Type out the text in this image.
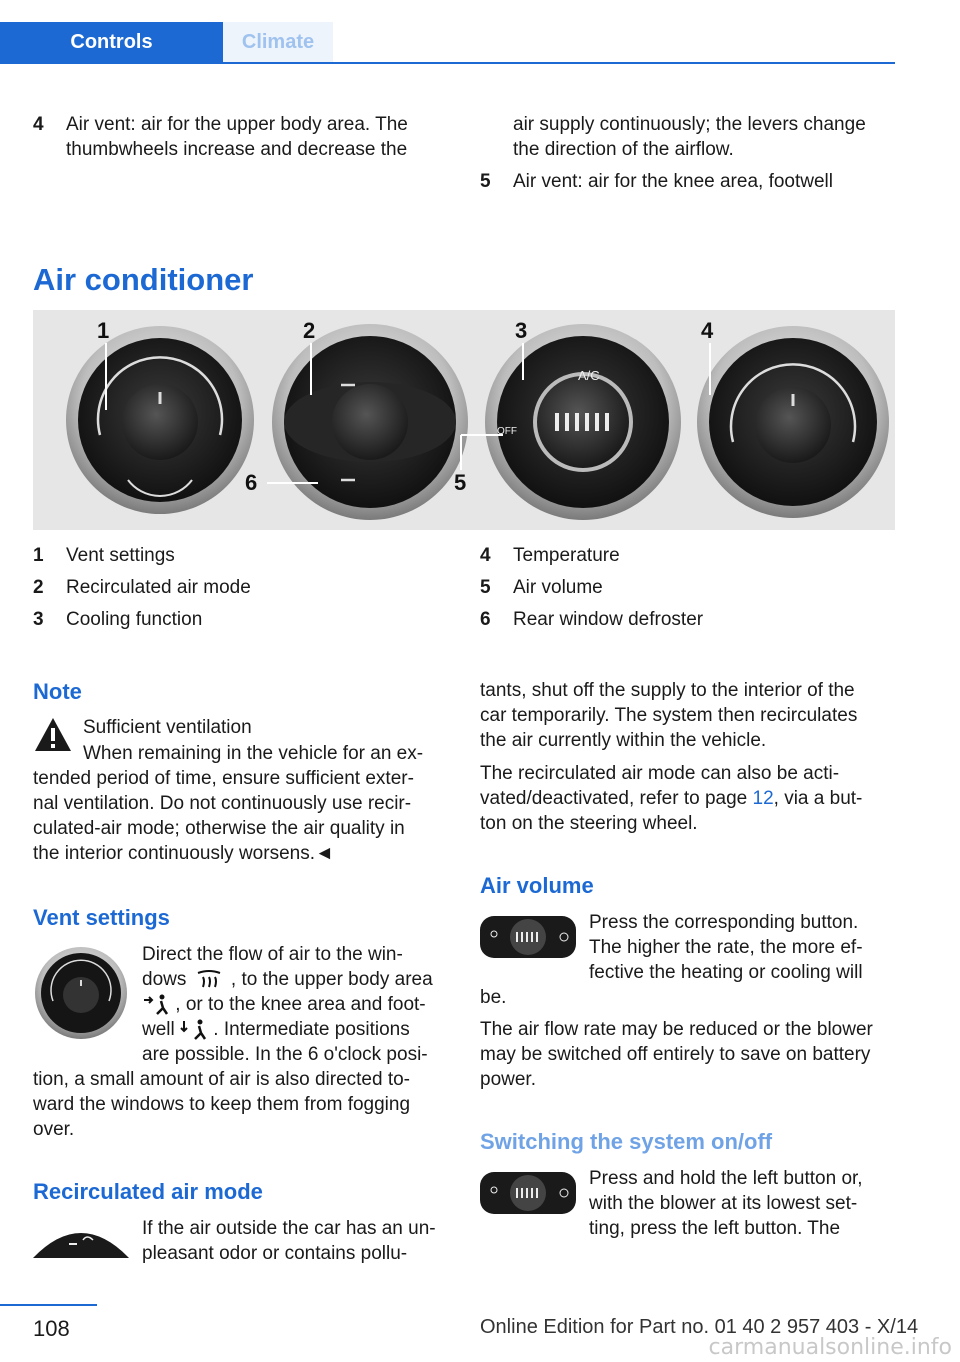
Controls	Climate
4 Air vent: air for the upper body area. The
thumbwheels increase and decrease the
air supply continuously; the levers change
the direction of the airflow.
5 Air vent: air for the knee area, footwell
Air conditioner
A/C
OFF
1	2	3	4
5
6
1 Vent settings
2 Recirculated air mode
3 Cooling function
4 Temperature
5 Air volume
6 Rear window defroster
Note
Sufficient ventilation
When remaining in the vehicle for an ex-
tended period of time, ensure sufficient exter-
nal ventilation. Do not continuously use recir-
culated-air mode; otherwise the air quality in
the interior continuously worsens.◄
Vent settings
Direct the flow of air to the win-
dows , to the upper body area
, or to the knee area and foot-
well . Intermediate positions
are possible. In the 6 o'clock posi-
tion, a small amount of air is also directed to-
ward the windows to keep them from fogging
over.
Recirculated air mode
If the air outside the car has an un-
pleasant odor or contains pollu-
tants, shut off the supply to the interior of the
car temporarily. The system then recirculates
the air currently within the vehicle.
The recirculated air mode can also be acti-
vated/deactivated, refer to page 12, via a but-
ton on the steering wheel.
Air volume
Press the corresponding button.
The higher the rate, the more ef-
fective the heating or cooling will
be.
The air flow rate may be reduced or the blower
may be switched off entirely to save on battery
power.
Switching the system on/off
Press and hold the left button or,
with the blower at its lowest set-
ting, press the left button. The
108	Online Edition for Part no. 01 40 2 957 403 - X/14
carmanualsonline.info
